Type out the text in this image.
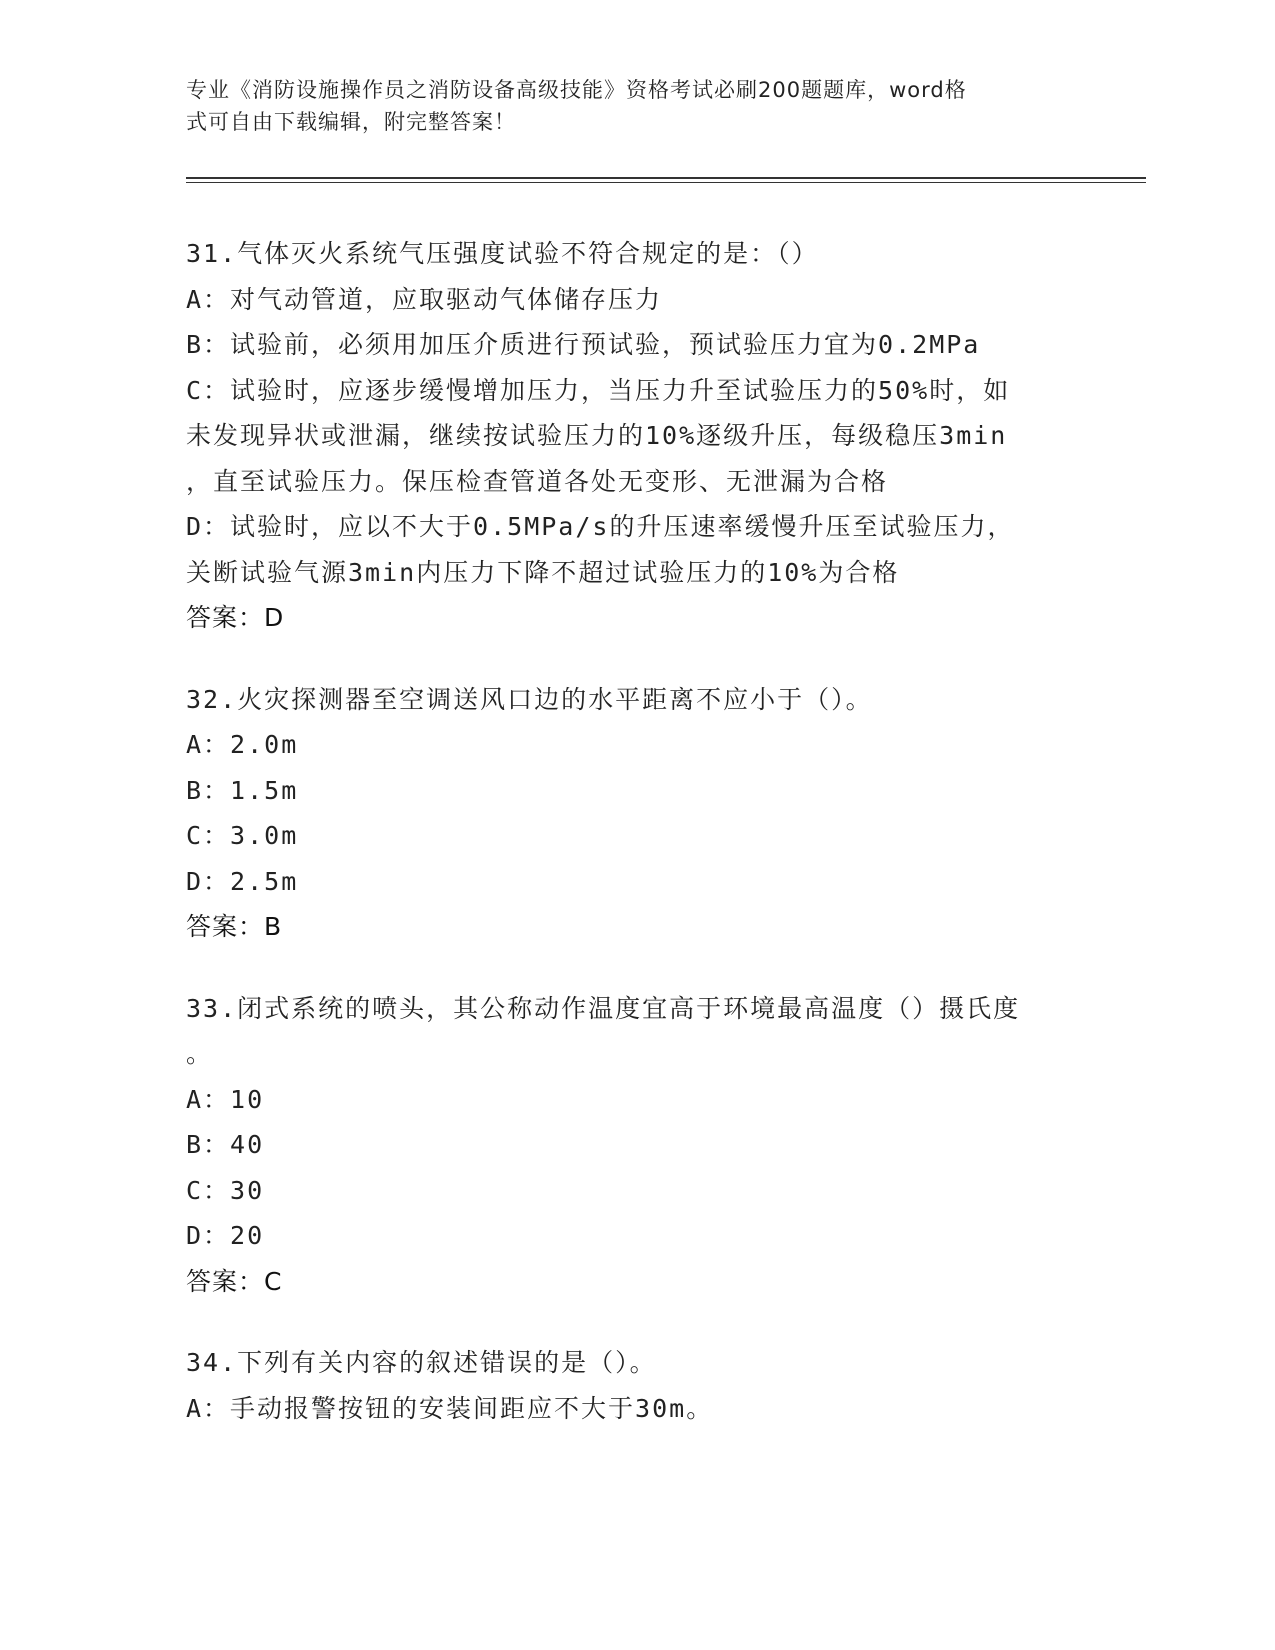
专业《消防设施操作员之消防设备高级技能》资格考试必刷200题题库，word格
式可自由下载编辑，附完整答案！
31.气体灭火系统气压强度试验不符合规定的是：（）
A：对气动管道，应取驱动气体储存压力
B：试验前，必须用加压介质进行预试验，预试验压力宜为0.2MPa
C：试验时，应逐步缓慢增加压力，当压力升至试验压力的50%时，如
未发现异状或泄漏，继续按试验压力的10%逐级升压，每级稳压3min
，直至试验压力。保压检查管道各处无变形、无泄漏为合格
D：试验时，应以不大于0.5MPa/s的升压速率缓慢升压至试验压力，
关断试验气源3min内压力下降不超过试验压力的10%为合格
答案：D
32.火灾探测器至空调送风口边的水平距离不应小于（）。
A：2.0m
B：1.5m
C：3.0m
D：2.5m
答案：B
33.闭式系统的喷头，其公称动作温度宜高于环境最高温度（）摄氏度
。
A：10
B：40
C：30
D：20
答案：C
34.下列有关内容的叙述错误的是（）。
A：手动报警按钮的安装间距应不大于30m。
